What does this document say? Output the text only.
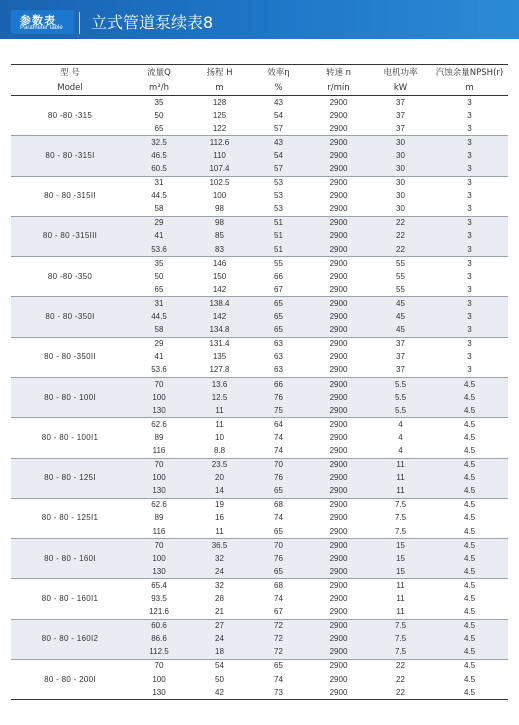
参数表
Parameter table 立式管道泵续表8
型 号	流量Q	扬程 H	效率η	转速 n	电机功率	汽蚀余量NPSH(r)
Model	m³/h	m	%	r/min	kW	m
80 -80 -315	35	128	43	2900	37	3
	50	125	54	2900	37	3
	65	122	57	2900	37	3
80 - 80 -315I	32.5	112.6	43	2900	30	3
	46.5	110	54	2900	30	3
	60.5	107.4	57	2900	30	3
80 - 80 -315II	31	102.5	53	2900	30	3
	44.5	100	53	2900	30	3
	58	98	53	2900	30	3
80 - 80 -315III	29	98	51	2900	22	3
	41	85	51	2900	22	3
	53.6	83	51	2900	22	3
80 -80 -350	35	146	55	2900	55	3
	50	150	66	2900	55	3
	65	142	67	2900	55	3
80 - 80 -350I	31	138.4	65	2900	45	3
	44.5	142	65	2900	45	3
	58	134.8	65	2900	45	3
80 - 80 -350II	29	131.4	63	2900	37	3
	41	135	63	2900	37	3
	53.6	127.8	63	2900	37	3
80 - 80 - 100I	70	13.6	66	2900	5.5	4.5
	100	12.5	76	2900	5.5	4.5
	130	11	75	2900	5.5	4.5
80 - 80 - 100I1	62.6	11	64	2900	4	4.5
	89	10	74	2900	4	4.5
	116	8.8	74	2900	4	4.5
80 - 80 - 125I	70	23.5	70	2900	11	4.5
	100	20	76	2900	11	4.5
	130	14	65	2900	11	4.5
80 - 80 - 125I1	62.6	19	68	2900	7.5	4.5
	89	16	74	2900	7.5	4.5
	116	11	65	2900	7.5	4.5
80 - 80 - 160I	70	36.5	70	2900	15	4.5
	100	32	76	2900	15	4.5
	130	24	65	2900	15	4.5
80 - 80 - 160I1	65.4	32	68	2900	11	4.5
	93.5	28	74	2900	11	4.5
	121.6	21	67	2900	11	4.5
80 - 80 - 160I2	60.6	27	72	2900	7.5	4.5
	86.6	24	72	2900	7.5	4.5
	112.5	18	72	2900	7.5	4.5
80 - 80 - 200I	70	54	65	2900	22	4.5
	100	50	74	2900	22	4.5
	130	42	73	2900	22	4.5
